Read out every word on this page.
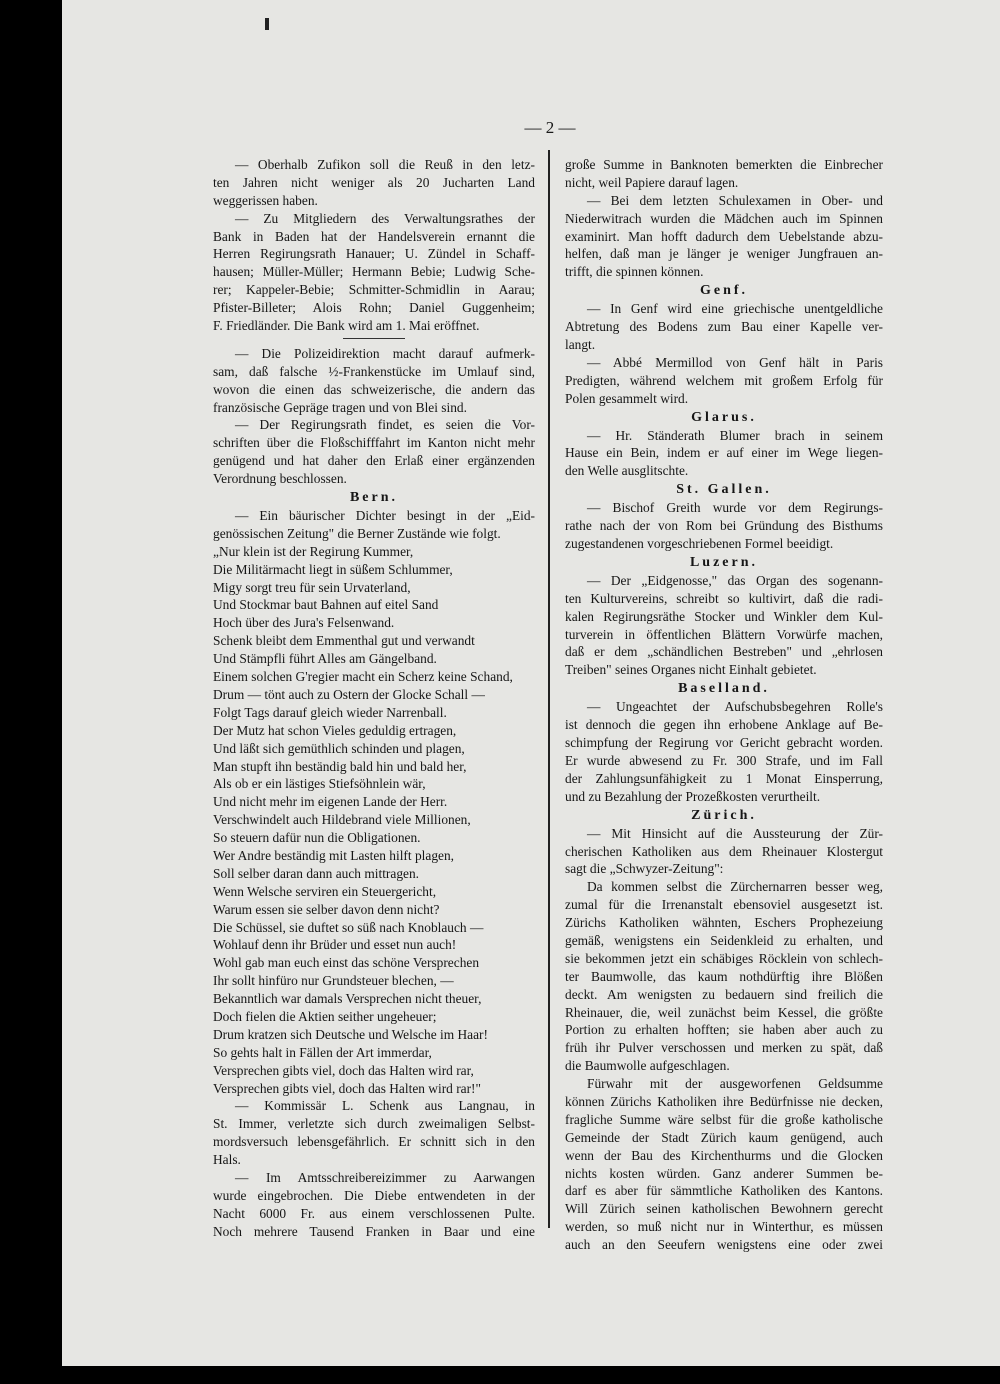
— 2 —
— Oberhalb Zufikon soll die Reuß in den letz-
ten Jahren nicht weniger als 20 Jucharten Land
weggerissen haben.
— Zu Mitgliedern des Verwaltungsrathes der
Bank in Baden hat der Handelsverein ernannt die
Herren Regirungsrath Hanauer; U. Zündel in Schaff-
hausen; Müller-Müller; Hermann Bebie; Ludwig Sche-
rer; Kappeler-Bebie; Schmitter-Schmidlin in Aarau;
Pfister-Billeter; Alois Rohn; Daniel Guggenheim;
F. Friedländer. Die Bank wird am 1. Mai eröffnet.
— Die Polizeidirektion macht darauf aufmerk-
sam, daß falsche ½-Frankenstücke im Umlauf sind,
wovon die einen das schweizerische, die andern das
französische Gepräge tragen und von Blei sind.
— Der Regirungsrath findet, es seien die Vor-
schriften über die Floßschifffahrt im Kanton nicht mehr
genügend und hat daher den Erlaß einer ergänzenden
Verordnung beschlossen.
Bern.
— Ein bäurischer Dichter besingt in der „Eid-
genössischen Zeitung" die Berner Zustände wie folgt.
„Nur klein ist der Regirung Kummer,
Die Militärmacht liegt in süßem Schlummer,
Migy sorgt treu für sein Urvaterland,
Und Stockmar baut Bahnen auf eitel Sand
Hoch über des Jura's Felsenwand.
Schenk bleibt dem Emmenthal gut und verwandt
Und Stämpfli führt Alles am Gängelband.
Einem solchen G'regier macht ein Scherz keine Schand,
Drum — tönt auch zu Ostern der Glocke Schall —
Folgt Tags darauf gleich wieder Narrenball.
Der Mutz hat schon Vieles geduldig ertragen,
Und läßt sich gemüthlich schinden und plagen,
Man stupft ihn beständig bald hin und bald her,
Als ob er ein lästiges Stiefsöhnlein wär,
Und nicht mehr im eigenen Lande der Herr.
Verschwindelt auch Hildebrand viele Millionen,
So steuern dafür nun die Obligationen.
Wer Andre beständig mit Lasten hilft plagen,
Soll selber daran dann auch mittragen.
Wenn Welsche serviren ein Steuergericht,
Warum essen sie selber davon denn nicht?
Die Schüssel, sie duftet so süß nach Knoblauch —
Wohlauf denn ihr Brüder und esset nun auch!
Wohl gab man euch einst das schöne Versprechen
Ihr sollt hinfüro nur Grundsteuer blechen, —
Bekanntlich war damals Versprechen nicht theuer,
Doch fielen die Aktien seither ungeheuer;
Drum kratzen sich Deutsche und Welsche im Haar!
So gehts halt in Fällen der Art immerdar,
Versprechen gibts viel, doch das Halten wird rar,
Versprechen gibts viel, doch das Halten wird rar!"
— Kommissär L. Schenk aus Langnau, in
St. Immer, verletzte sich durch zweimaligen Selbst-
mordsversuch lebensgefährlich. Er schnitt sich in den
Hals.
— Im Amtsschreibereizimmer zu Aarwangen
wurde eingebrochen. Die Diebe entwendeten in der
Nacht 6000 Fr. aus einem verschlossenen Pulte.
Noch mehrere Tausend Franken in Baar und eine
große Summe in Banknoten bemerkten die Einbrecher
nicht, weil Papiere darauf lagen.
— Bei dem letzten Schulexamen in Ober- und
Niederwitrach wurden die Mädchen auch im Spinnen
examinirt. Man hofft dadurch dem Uebelstande abzu-
helfen, daß man je länger je weniger Jungfrauen an-
trifft, die spinnen können.
Genf.
— In Genf wird eine griechische unentgeldliche
Abtretung des Bodens zum Bau einer Kapelle ver-
langt.
— Abbé Mermillod von Genf hält in Paris
Predigten, während welchem mit großem Erfolg für
Polen gesammelt wird.
Glarus.
— Hr. Ständerath Blumer brach in seinem
Hause ein Bein, indem er auf einer im Wege liegen-
den Welle ausglitschte.
St. Gallen.
— Bischof Greith wurde vor dem Regirungs-
rathe nach der von Rom bei Gründung des Bisthums
zugestandenen vorgeschriebenen Formel beeidigt.
Luzern.
— Der „Eidgenosse," das Organ des sogenann-
ten Kulturvereins, schreibt so kultivirt, daß die radi-
kalen Regirungsräthe Stocker und Winkler dem Kul-
turverein in öffentlichen Blättern Vorwürfe machen,
daß er dem „schändlichen Bestreben" und „ehrlosen
Treiben" seines Organes nicht Einhalt gebietet.
Baselland.
— Ungeachtet der Aufschubsbegehren Rolle's
ist dennoch die gegen ihn erhobene Anklage auf Be-
schimpfung der Regirung vor Gericht gebracht worden.
Er wurde abwesend zu Fr. 300 Strafe, und im Fall
der Zahlungsunfähigkeit zu 1 Monat Einsperrung,
und zu Bezahlung der Prozeßkosten verurtheilt.
Zürich.
— Mit Hinsicht auf die Aussteurung der Zür-
cherischen Katholiken aus dem Rheinauer Klostergut
sagt die „Schwyzer-Zeitung":
Da kommen selbst die Zürchernarren besser weg,
zumal für die Irrenanstalt ebensoviel ausgesetzt ist.
Zürichs Katholiken wähnten, Eschers Prophezeiung
gemäß, wenigstens ein Seidenkleid zu erhalten, und
sie bekommen jetzt ein schäbiges Röcklein von schlech-
ter Baumwolle, das kaum nothdürftig ihre Blößen
deckt. Am wenigsten zu bedauern sind freilich die
Rheinauer, die, weil zunächst beim Kessel, die größte
Portion zu erhalten hofften; sie haben aber auch zu
früh ihr Pulver verschossen und merken zu spät, daß
die Baumwolle aufgeschlagen.
Fürwahr mit der ausgeworfenen Geldsumme
können Zürichs Katholiken ihre Bedürfnisse nie decken,
fragliche Summe wäre selbst für die große katholische
Gemeinde der Stadt Zürich kaum genügend, auch
wenn der Bau des Kirchenthurms und die Glocken
nichts kosten würden. Ganz anderer Summen be-
darf es aber für sämmtliche Katholiken des Kantons.
Will Zürich seinen katholischen Bewohnern gerecht
werden, so muß nicht nur in Winterthur, es müssen
auch an den Seeufern wenigstens eine oder zwei
